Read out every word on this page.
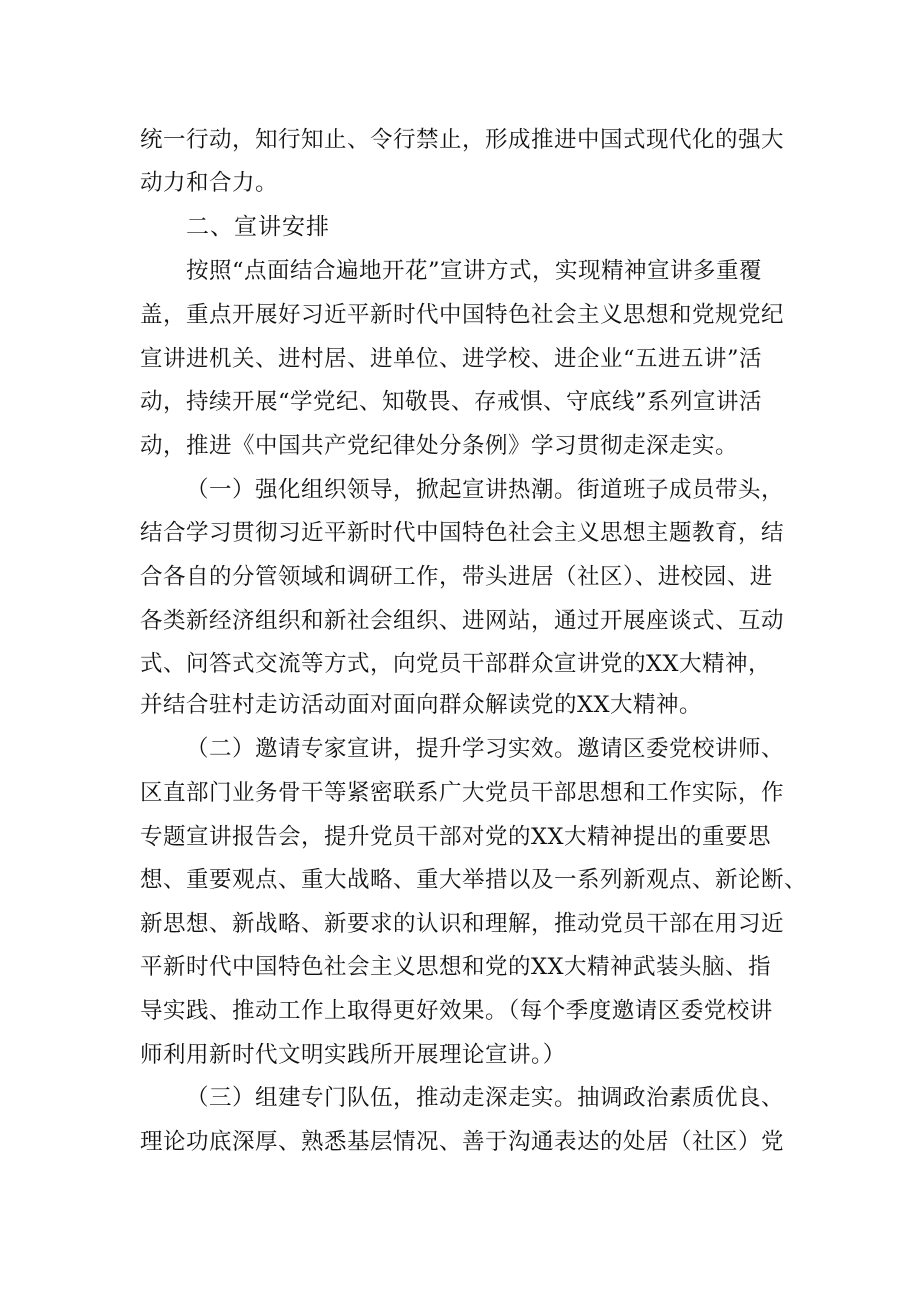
统一行动，知行知止、令行禁止，形成推进中国式现代化的强大
动力和合力。
二、宣讲安排
按照“点面结合遍地开花”宣讲方式，实现精神宣讲多重覆
盖，重点开展好习近平新时代中国特色社会主义思想和党规党纪
宣讲进机关、进村居、进单位、进学校、进企业“五进五讲”活
动，持续开展“学党纪、知敬畏、存戒惧、守底线”系列宣讲活
动，推进《中国共产党纪律处分条例》学习贯彻走深走实。
（一）强化组织领导，掀起宣讲热潮。街道班子成员带头，
结合学习贯彻习近平新时代中国特色社会主义思想主题教育，结
合各自的分管领域和调研工作，带头进居（社区）、进校园、进
各类新经济组织和新社会组织、进网站，通过开展座谈式、互动
式、问答式交流等方式，向党员干部群众宣讲党的XX大精神，
并结合驻村走访活动面对面向群众解读党的XX大精神。
（二）邀请专家宣讲，提升学习实效。邀请区委党校讲师、
区直部门业务骨干等紧密联系广大党员干部思想和工作实际，作
专题宣讲报告会，提升党员干部对党的XX大精神提出的重要思
想、重要观点、重大战略、重大举措以及一系列新观点、新论断、
新思想、新战略、新要求的认识和理解，推动党员干部在用习近
平新时代中国特色社会主义思想和党的XX大精神武装头脑、指
导实践、推动工作上取得更好效果。（每个季度邀请区委党校讲
师利用新时代文明实践所开展理论宣讲。）
（三）组建专门队伍，推动走深走实。抽调政治素质优良、
理论功底深厚、熟悉基层情况、善于沟通表达的处居（社区）党
